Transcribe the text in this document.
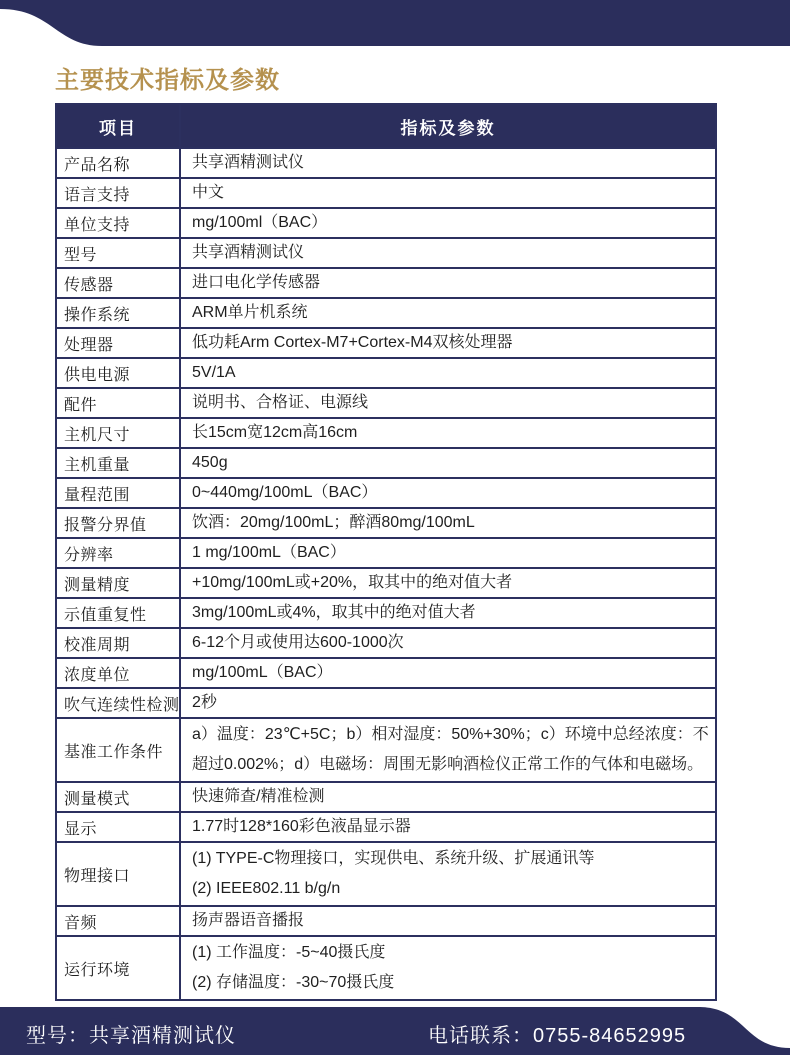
主要技术指标及参数
项目	指标及参数
产品名称	共享酒精测试仪

语言支持	中文

单位支持	mg/100ml（BAC）

型号	共享酒精测试仪

传感器	进口电化学传感器

操作系统	ARM单片机系统

处理器	低功耗Arm Cortex-M7+Cortex-M4双核处理器

供电电源	5V/1A

配件	说明书、合格证、电源线

主机尺寸	长15cm宽12cm高16cm

主机重量	450g

量程范围	0~440mg/100mL（BAC）

报警分界值	饮酒：20mg/100mL；醉酒80mg/100mL

分辨率	1 mg/100mL（BAC）

测量精度	+10mg/100mL或+20%，取其中的绝对值大者

示值重复性	3mg/100mL或4%，取其中的绝对值大者

校准周期	6-12个月或使用达600-1000次

浓度单位	mg/100mL（BAC）

吹气连续性检测	2秒

基准工作条件	a）温度：23℃+5C；b）相对湿度：50%+30%；c）环境中总经浓度：不
超过0.002%；d）电磁场：周围无影响酒检仪正常工作的气体和电磁场。

测量模式	快速筛查/精准检测

显示	1.77时128*160彩色液晶显示器

物理接口	(1) TYPE-C物理接口，实现供电、系统升级、扩展通讯等
(2) IEEE802.11 b/g/n

音频	扬声器语音播报

运行环境	(1) 工作温度：-5~40摄氏度
(2) 存储温度：-30~70摄氏度
型号：共享酒精测试仪	电话联系：0755-84652995
